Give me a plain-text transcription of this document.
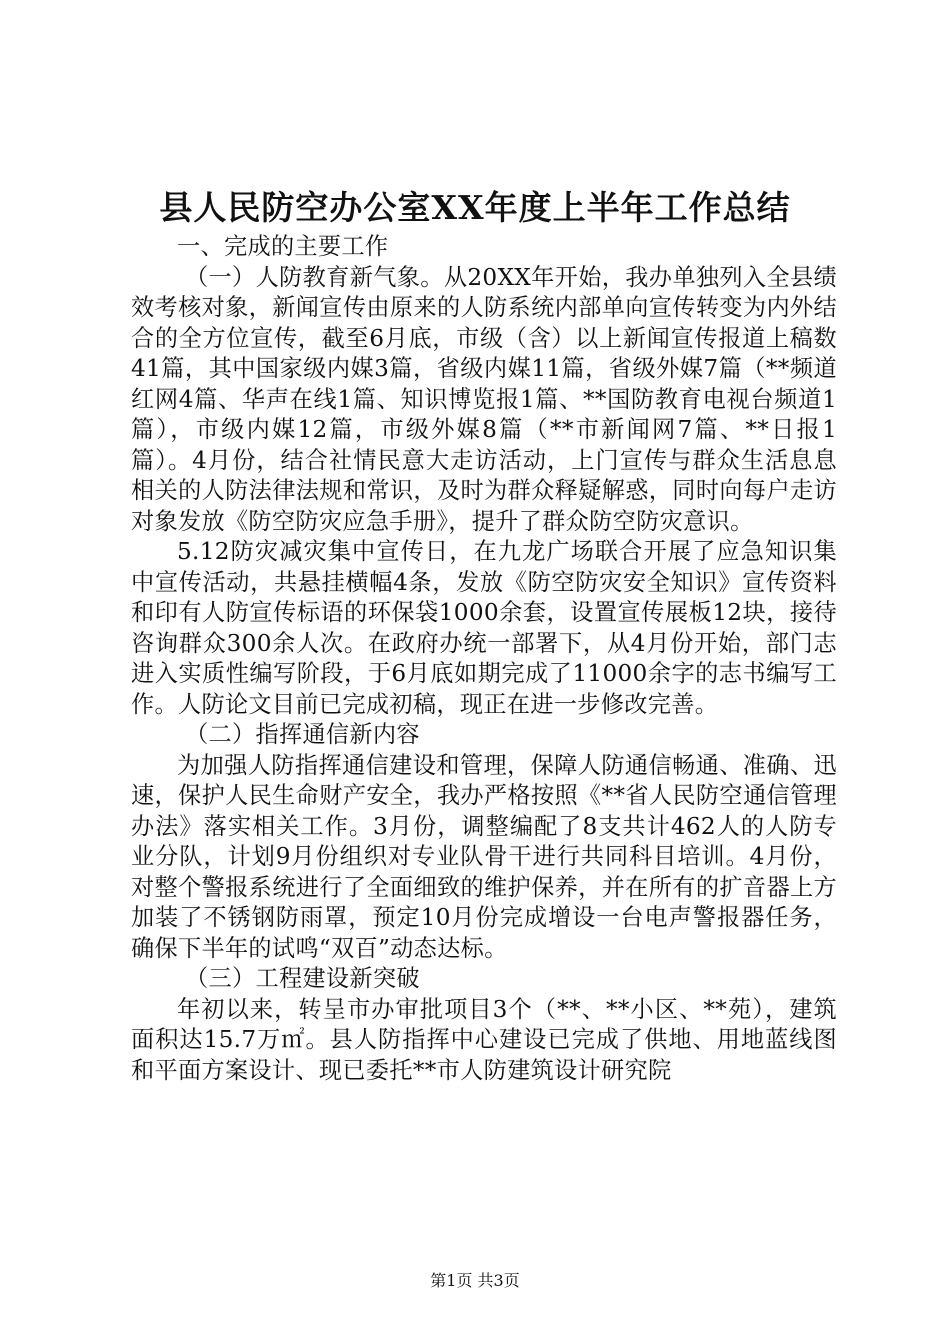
县人民防空办公室XX年度上半年工作总结

一、完成的主要工作

（一）人防教育新气象。从20XX年开始，我办单独列入全县绩效考核对象，新闻宣传由原来的人防系统内部单向宣传转变为内外结合的全方位宣传，截至6月底，市级（含）以上新闻宣传报道上稿数41篇，其中国家级内媒3篇，省级内媒11篇，省级外媒7篇（**频道红网4篇、华声在线1篇、知识博览报1篇、**国防教育电视台频道1篇），市级内媒12篇，市级外媒8篇（**市新闻网7篇、**日报1篇）。4月份，结合社情民意大走访活动，上门宣传与群众生活息息相关的人防法律法规和常识，及时为群众释疑解惑，同时向每户走访对象发放《防空防灾应急手册》，提升了群众防空防灾意识。

5.12防灾减灾集中宣传日，在九龙广场联合开展了应急知识集中宣传活动，共悬挂横幅4条，发放《防空防灾安全知识》宣传资料和印有人防宣传标语的环保袋1000余套，设置宣传展板12块，接待咨询群众300余人次。在政府办统一部署下，从4月份开始，部门志进入实质性编写阶段，于6月底如期完成了11000余字的志书编写工作。人防论文目前已完成初稿，现正在进一步修改完善。

（二）指挥通信新内容

为加强人防指挥通信建设和管理，保障人防通信畅通、准确、迅速，保护人民生命财产安全，我办严格按照《**省人民防空通信管理办法》落实相关工作。3月份，调整编配了8支共计462人的人防专业分队，计划9月份组织对专业队骨干进行共同科目培训。4月份，对整个警报系统进行了全面细致的维护保养，并在所有的扩音器上方加装了不锈钢防雨罩，预定10月份完成增设一台电声警报器任务，确保下半年的试鸣“双百”动态达标。

（三）工程建设新突破

年初以来，转呈市办审批项目3个（**、**小区、**苑），建筑面积达15.7万㎡。县人防指挥中心建设已完成了供地、用地蓝线图和平面方案设计、现已委托**市人防建筑设计研究院

第1页 共3页
